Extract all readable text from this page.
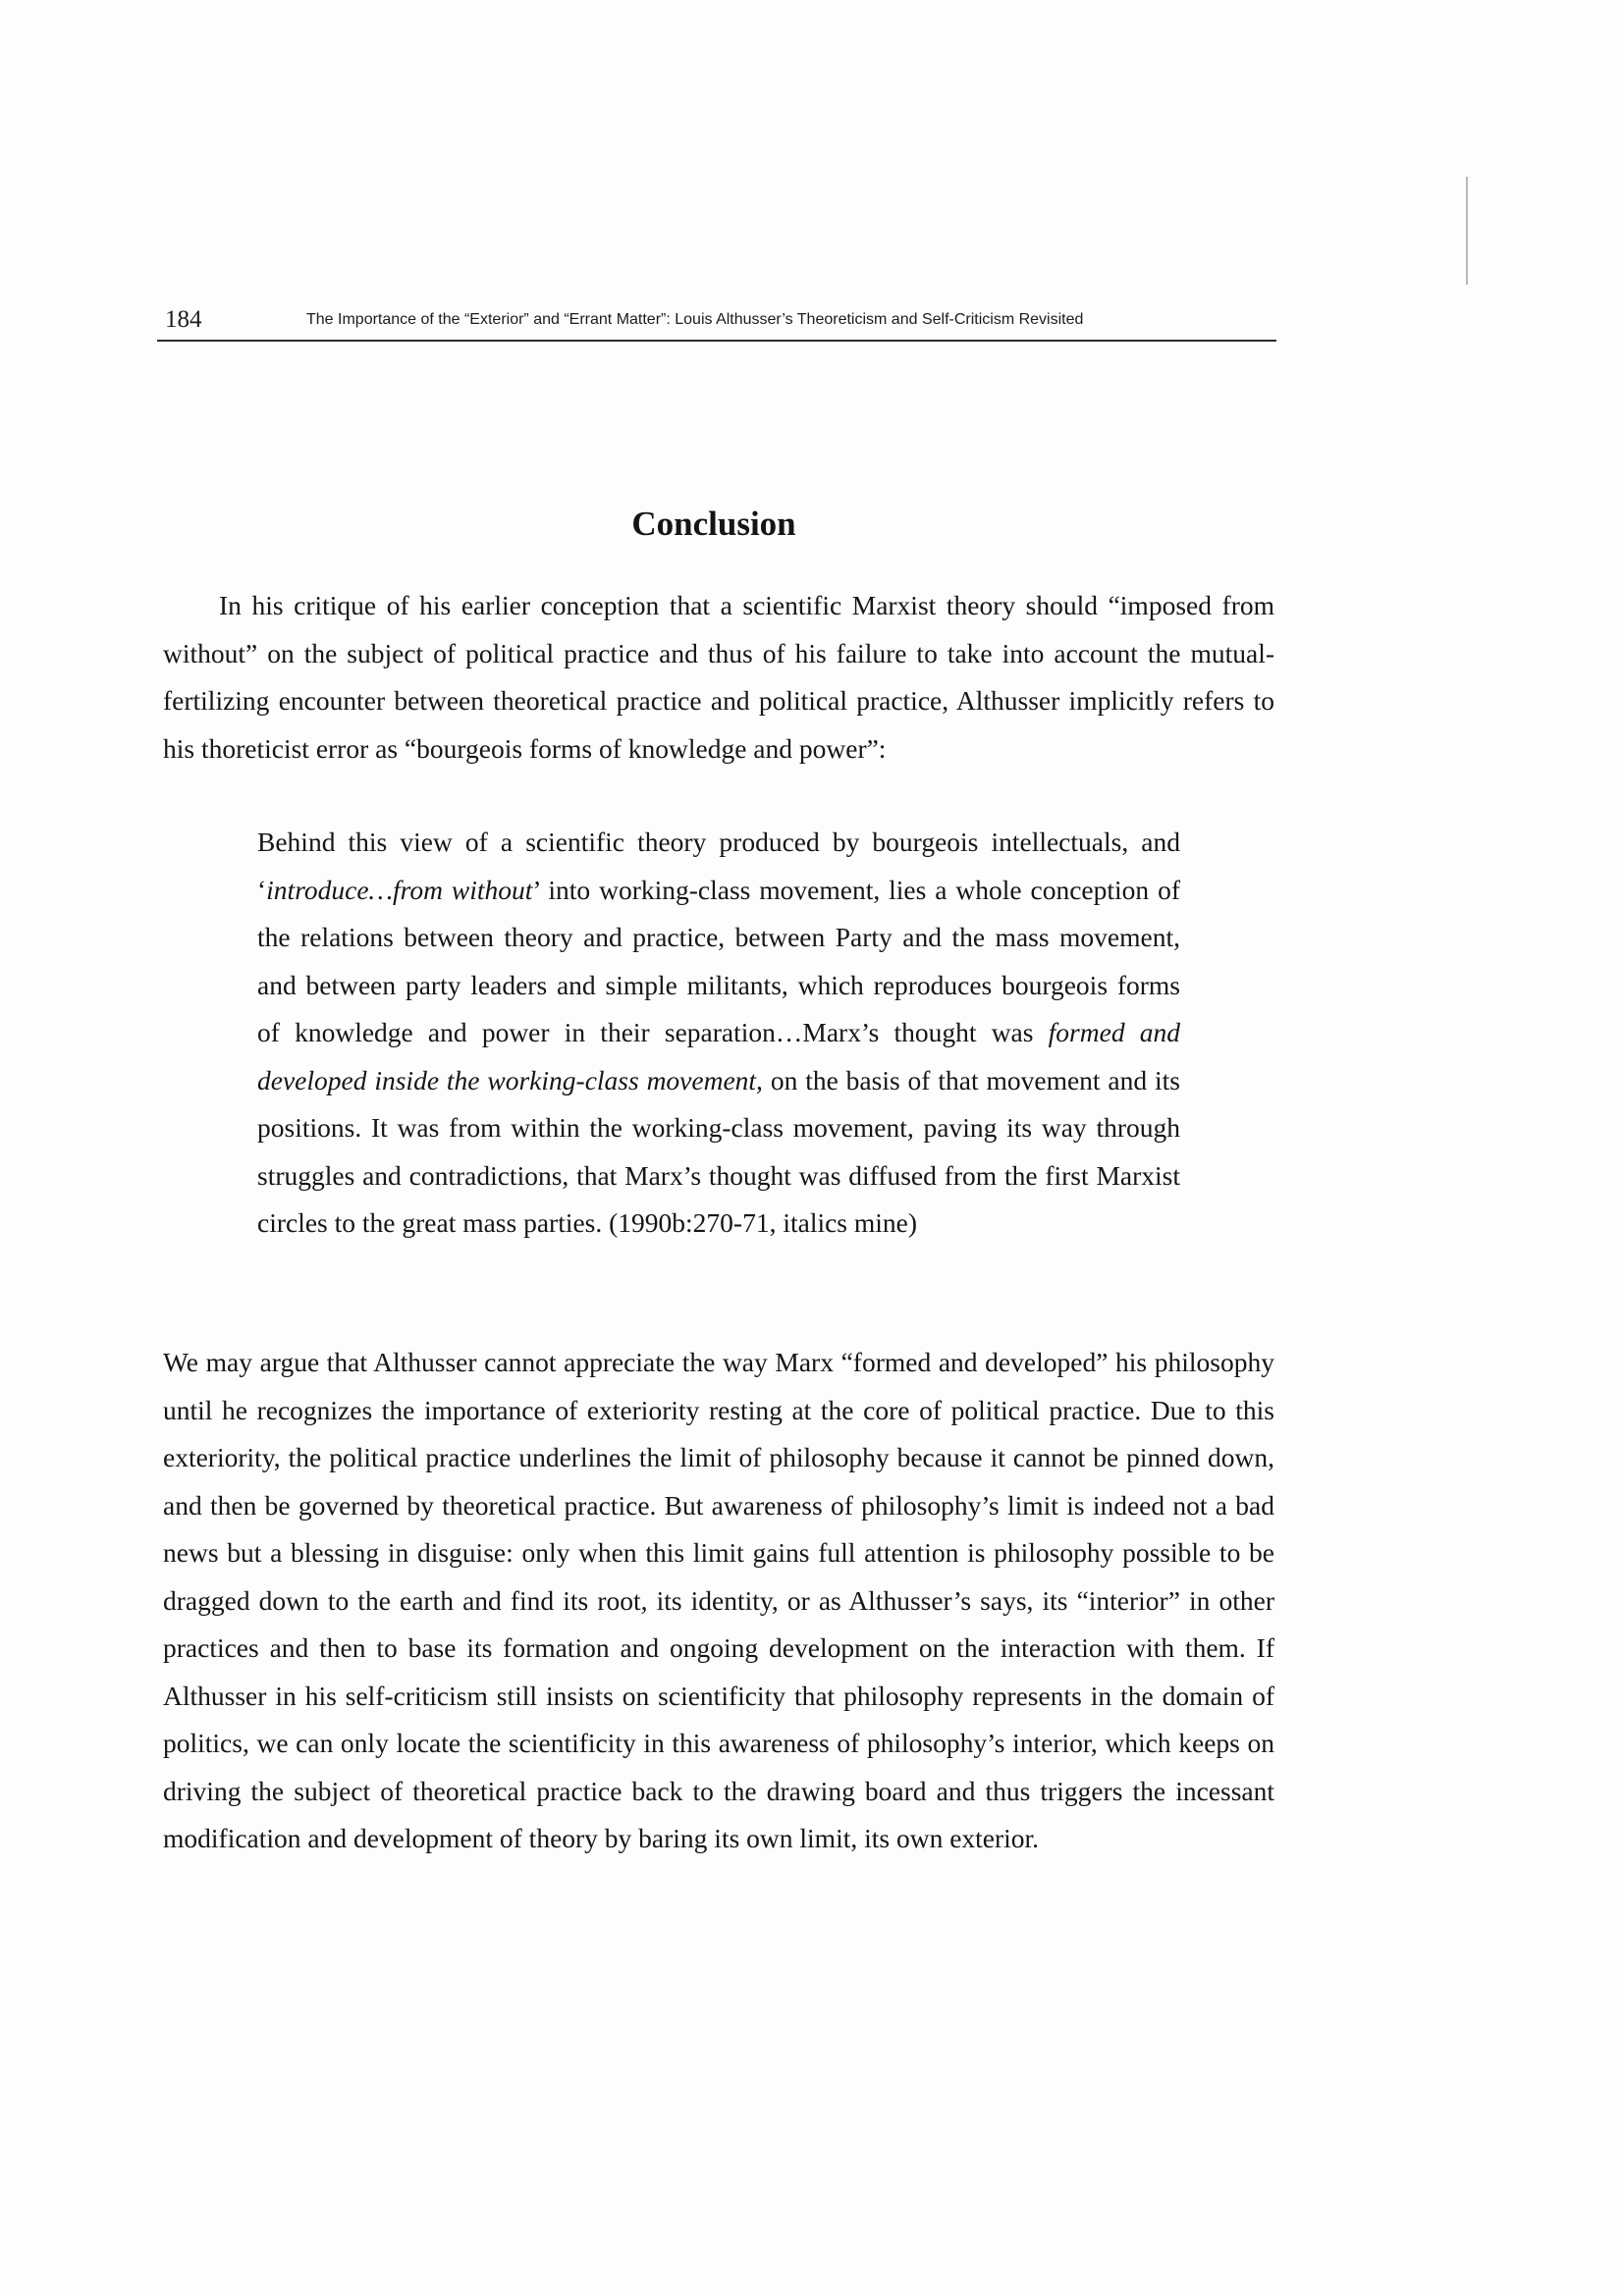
184	The Importance of the “Exterior” and “Errant Matter”: Louis Althusser’s Theoreticism and Self-Criticism Revisited
Conclusion

In his critique of his earlier conception that a scientific Marxist theory should “imposed from without” on the subject of political practice and thus of his failure to take into account the mutual-fertilizing encounter between theoretical practice and political practice, Althusser implicitly refers to his thoreticist error as “bourgeois forms of knowledge and power”:

Behind this view of a scientific theory produced by bourgeois intellectuals, and ‘introduce…from without’ into working-class movement, lies a whole conception of the relations between theory and practice, between Party and the mass movement, and between party leaders and simple militants, which reproduces bourgeois forms of knowledge and power in their separation…Marx’s thought was formed and developed inside the working-class movement, on the basis of that movement and its positions. It was from within the working-class movement, paving its way through struggles and contradictions, that Marx’s thought was diffused from the first Marxist circles to the great mass parties. (1990b:270-71, italics mine)

We may argue that Althusser cannot appreciate the way Marx “formed and developed” his philosophy until he recognizes the importance of exteriority resting at the core of political practice. Due to this exteriority, the political practice underlines the limit of philosophy because it cannot be pinned down, and then be governed by theoretical practice. But awareness of philosophy’s limit is indeed not a bad news but a blessing in disguise: only when this limit gains full attention is philosophy possible to be dragged down to the earth and find its root, its identity, or as Althusser’s says, its “interior” in other practices and then to base its formation and ongoing development on the interaction with them. If Althusser in his self-criticism still insists on scientificity that philosophy represents in the domain of politics, we can only locate the scientificity in this awareness of philosophy’s interior, which keeps on driving the subject of theoretical practice back to the drawing board and thus triggers the incessant modification and development of theory by baring its own limit, its own exterior.
